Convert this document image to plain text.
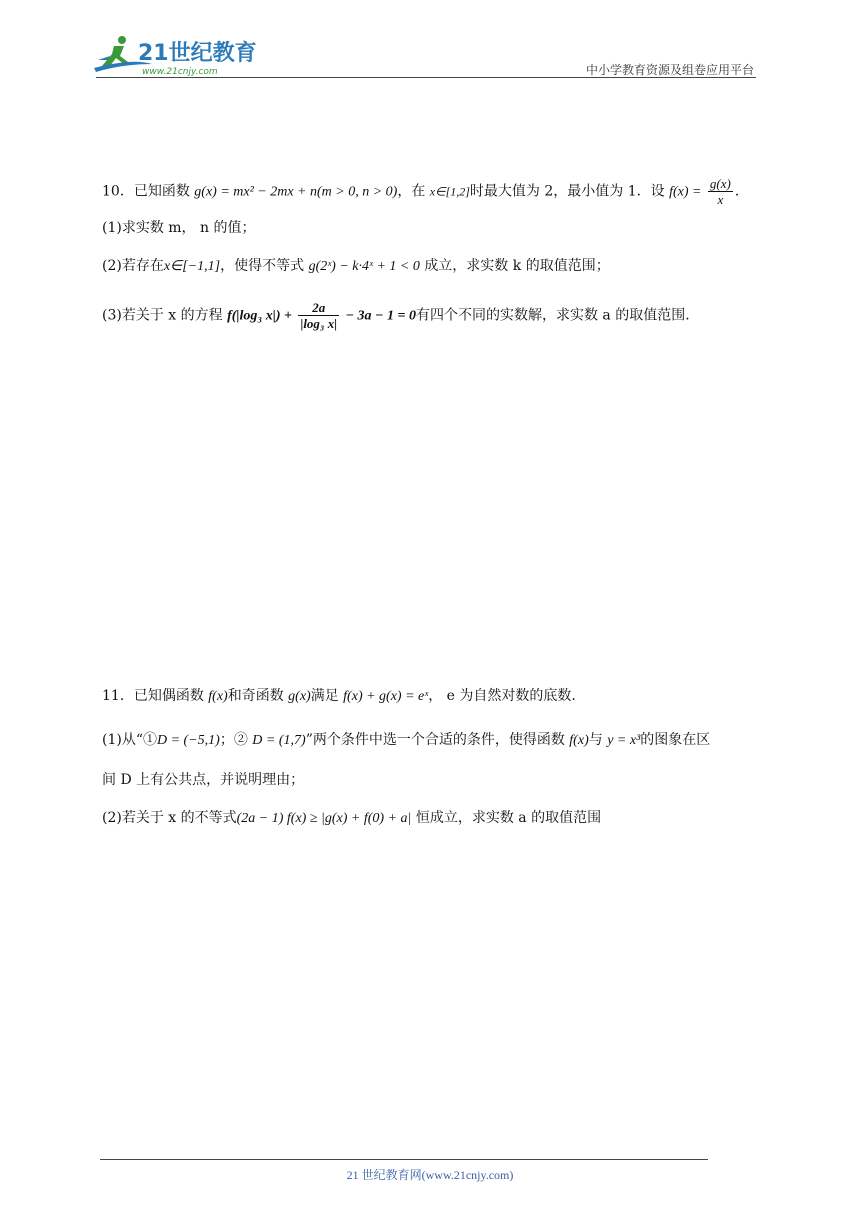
21世纪教育
www.21cnjy.com	中小学教育资源及组卷应用平台
10．已知函数 g(x) = mx² − 2mx + n(m > 0, n > 0)，在 x∈[1,2]时最大值为 2，最小值为 1．设 $f(x) = \frac{g(x)}{x}$ ．
(1)求实数 m， n 的值；
(2)若存在x∈[−1,1]，使得不等式 g(2ˣ) − k·4ˣ + 1 < 0 成立，求实数 k 的取值范围；
(3)若关于 x 的方程 f(|log₃ $x|) + \frac{2a}{\text{|log₃ x|}} - 3a - 1 = 0$有四个不同的实数解，求实数 a 的取值范围．
11．已知偶函数 f(x)和奇函数 g(x)满足 f(x) + g(x) = eˣ， e 为自然对数的底数.
(1)从“①D = (−5,1)；② D = (1,7)”两个条件中选一个合适的条件，使得函数 f(x)与 y = x³的图象在区
间 D 上有公共点，并说明理由；
(2)若关于 x 的不等式(2a − 1) f(x) ≥ |g(x) + f(0) + a| 恒成立，求实数 a 的取值范围
21 世纪教育网(www.21cnjy.com)
